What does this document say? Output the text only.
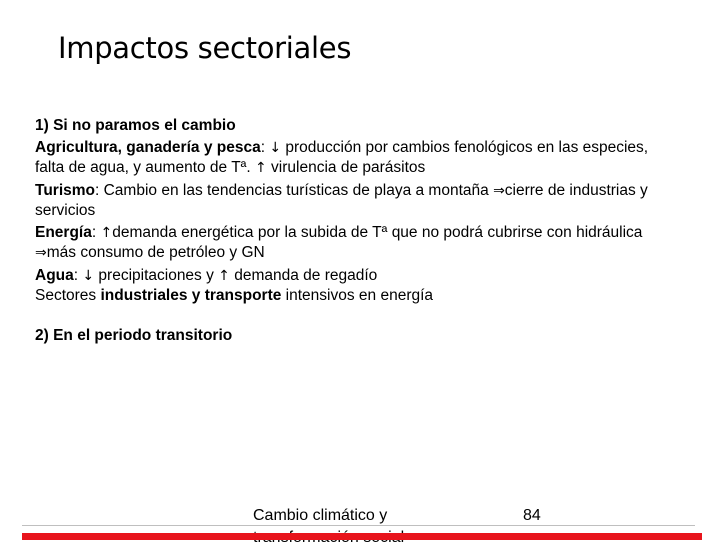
Impactos sectoriales
1) Si no paramos el cambio
Agricultura, ganadería y pesca: ↓ producción por cambios fenológicos en las especies, falta de agua, y aumento de Tª. ↑ virulencia de parásitos
Turismo: Cambio en las tendencias turísticas de playa a montaña ⇒cierre de industrias y servicios
Energía: ↑demanda energética por la subida de Tª que no podrá cubrirse con hidráulica ⇒más consumo de petróleo y GN
Agua: ↓ precipitaciones y ↑ demanda de regadío
Sectores industriales y transporte intensivos en energía
2) En el periodo transitorio
Cambio climático y	84
